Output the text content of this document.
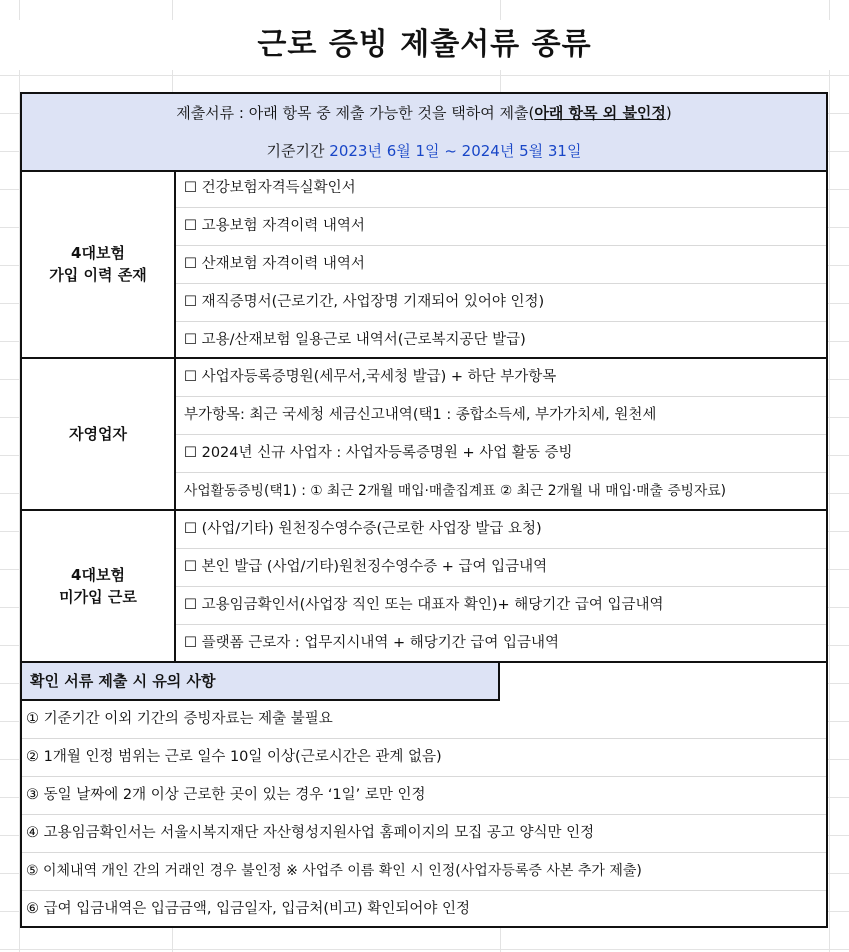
근로 증빙 제출서류 종류
제출서류 : 아래 항목 중 제출 가능한 것을 택하여 제출(아래 항목 외 불인정)
기준기간 2023년 6월 1일 ~ 2024년 5월 31일
4대보험
가입 이력 존재
☐ 건강보험자격득실확인서
☐ 고용보험 자격이력 내역서
☐ 산재보험 자격이력 내역서
☐ 재직증명서(근로기간, 사업장명 기재되어 있어야 인정)
☐ 고용/산재보험 일용근로 내역서(근로복지공단 발급)
자영업자
☐ 사업자등록증명원(세무서,국세청 발급) + 하단 부가항목
부가항목: 최근 국세청 세금신고내역(택1 : 종합소득세, 부가가치세, 원천세
☐ 2024년 신규 사업자 : 사업자등록증명원 + 사업 활동 증빙
사업활동증빙(택1) : ① 최근 2개월 매입·매출집계표 ② 최근 2개월 내 매입·매출 증빙자료)
4대보험
미가입 근로
☐ (사업/기타) 원천징수영수증(근로한 사업장 발급 요청)
☐ 본인 발급 (사업/기타)원천징수영수증 + 급여 입금내역
☐ 고용임금확인서(사업장 직인 또는 대표자 확인)+ 해당기간 급여 입금내역
☐ 플랫폼 근로자 : 업무지시내역 + 해당기간 급여 입금내역
확인 서류 제출 시 유의 사항
① 기준기간 이외 기간의 증빙자료는 제출 불필요
② 1개월 인정 범위는 근로 일수 10일 이상(근로시간은 관계 없음)
③ 동일 날짜에 2개 이상 근로한 곳이 있는 경우 ‘1일’ 로만 인정
④ 고용임금확인서는 서울시복지재단 자산형성지원사업 홈페이지의 모집 공고 양식만 인정
⑤ 이체내역 개인 간의 거래인 경우 불인정 ※ 사업주 이름 확인 시 인정(사업자등록증 사본 추가 제출)
⑥ 급여 입금내역은 입금금액, 입금일자, 입금처(비고) 확인되어야 인정
